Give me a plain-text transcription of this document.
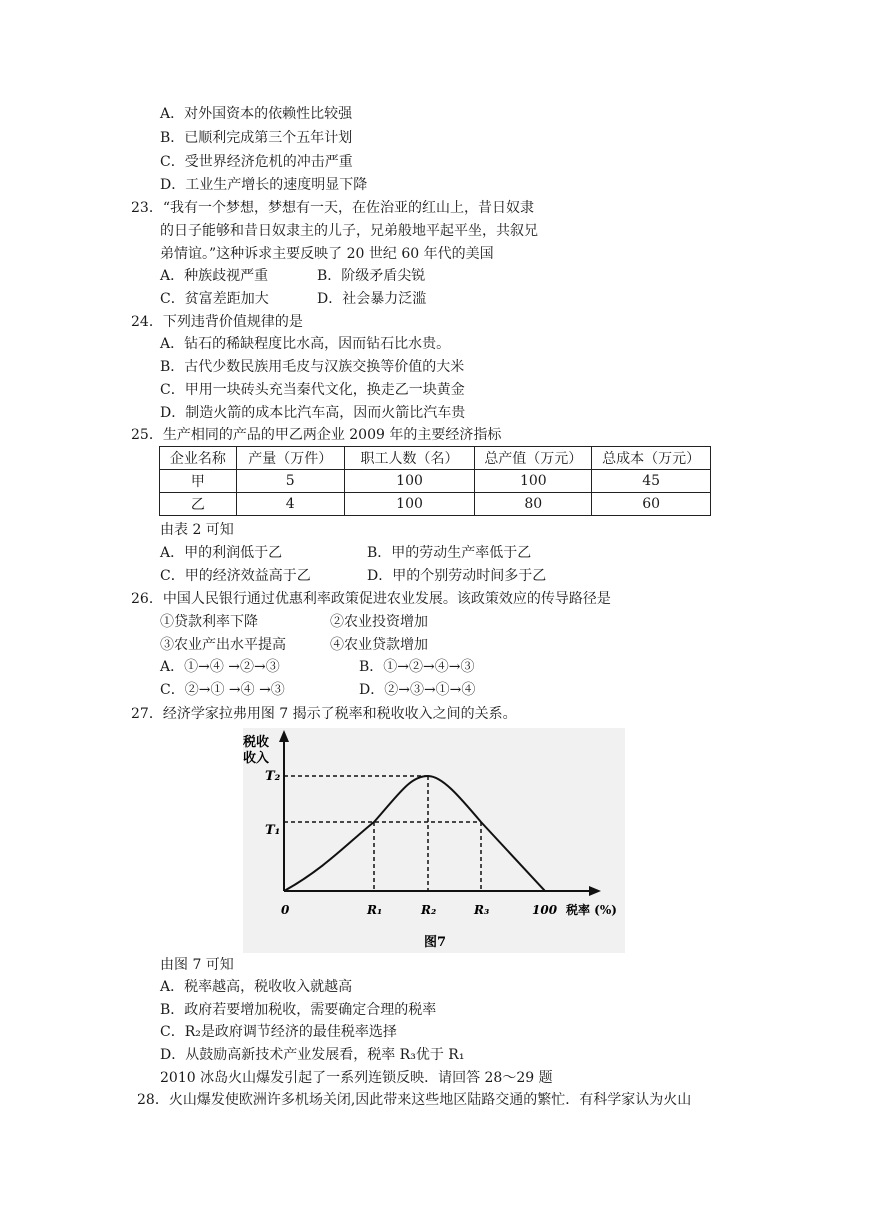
A．对外国资本的依赖性比较强
B．已顺利完成第三个五年计划
C．受世界经济危机的冲击严重
D．工业生产增长的速度明显下降
23．“我有一个梦想，梦想有一天，在佐治亚的红山上，昔日奴隶
的日子能够和昔日奴隶主的儿子，兄弟般地平起平坐，共叙兄
弟情谊。”这种诉求主要反映了 20 世纪 60 年代的美国
A．种族歧视严重	B．阶级矛盾尖锐
C．贫富差距加大	D．社会暴力泛滥
24．下列违背价值规律的是
A．钻石的稀缺程度比水高，因而钻石比水贵。
B．古代少数民族用毛皮与汉族交换等价值的大米
C．甲用一块砖头充当秦代文化，换走乙一块黄金
D．制造火箭的成本比汽车高，因而火箭比汽车贵
25．生产相同的产品的甲乙两企业 2009 年的主要经济指标
企业名称	产量（万件）	职工人数（名）	总产值（万元）	总成本（万元）
甲	5	100	100	45
乙	4	100	80	60
由表 2 可知
A．甲的利润低于乙	B．甲的劳动生产率低于乙
C．甲的经济效益高于乙	D．甲的个别劳动时间多于乙
26．中国人民银行通过优惠利率政策促进农业发展。该政策效应的传导路径是
①贷款利率下降	②农业投资增加
③农业产出水平提高	④农业贷款增加
A．①→④ →②→③	B．①→②→④→③
C．②→① →④ →③	D．②→③→①→④
27．经济学家拉弗用图 7 揭示了税率和税收收入之间的关系。
税收
收入
T₂
T₁
0	R₁	R₂	R₃	100 税率 (%)
图7
由图 7 可知
A．税率越高，税收收入就越高
B．政府若要增加税收，需要确定合理的税率
C．R₂是政府调节经济的最佳税率选择
D．从鼓励高新技术产业发展看，税率 R₃优于 R₁
2010 冰岛火山爆发引起了一系列连锁反映．请回答 28～29 题
28．火山爆发使欧洲许多机场关闭,因此带来这些地区陆路交通的繁忙．有科学家认为火山
